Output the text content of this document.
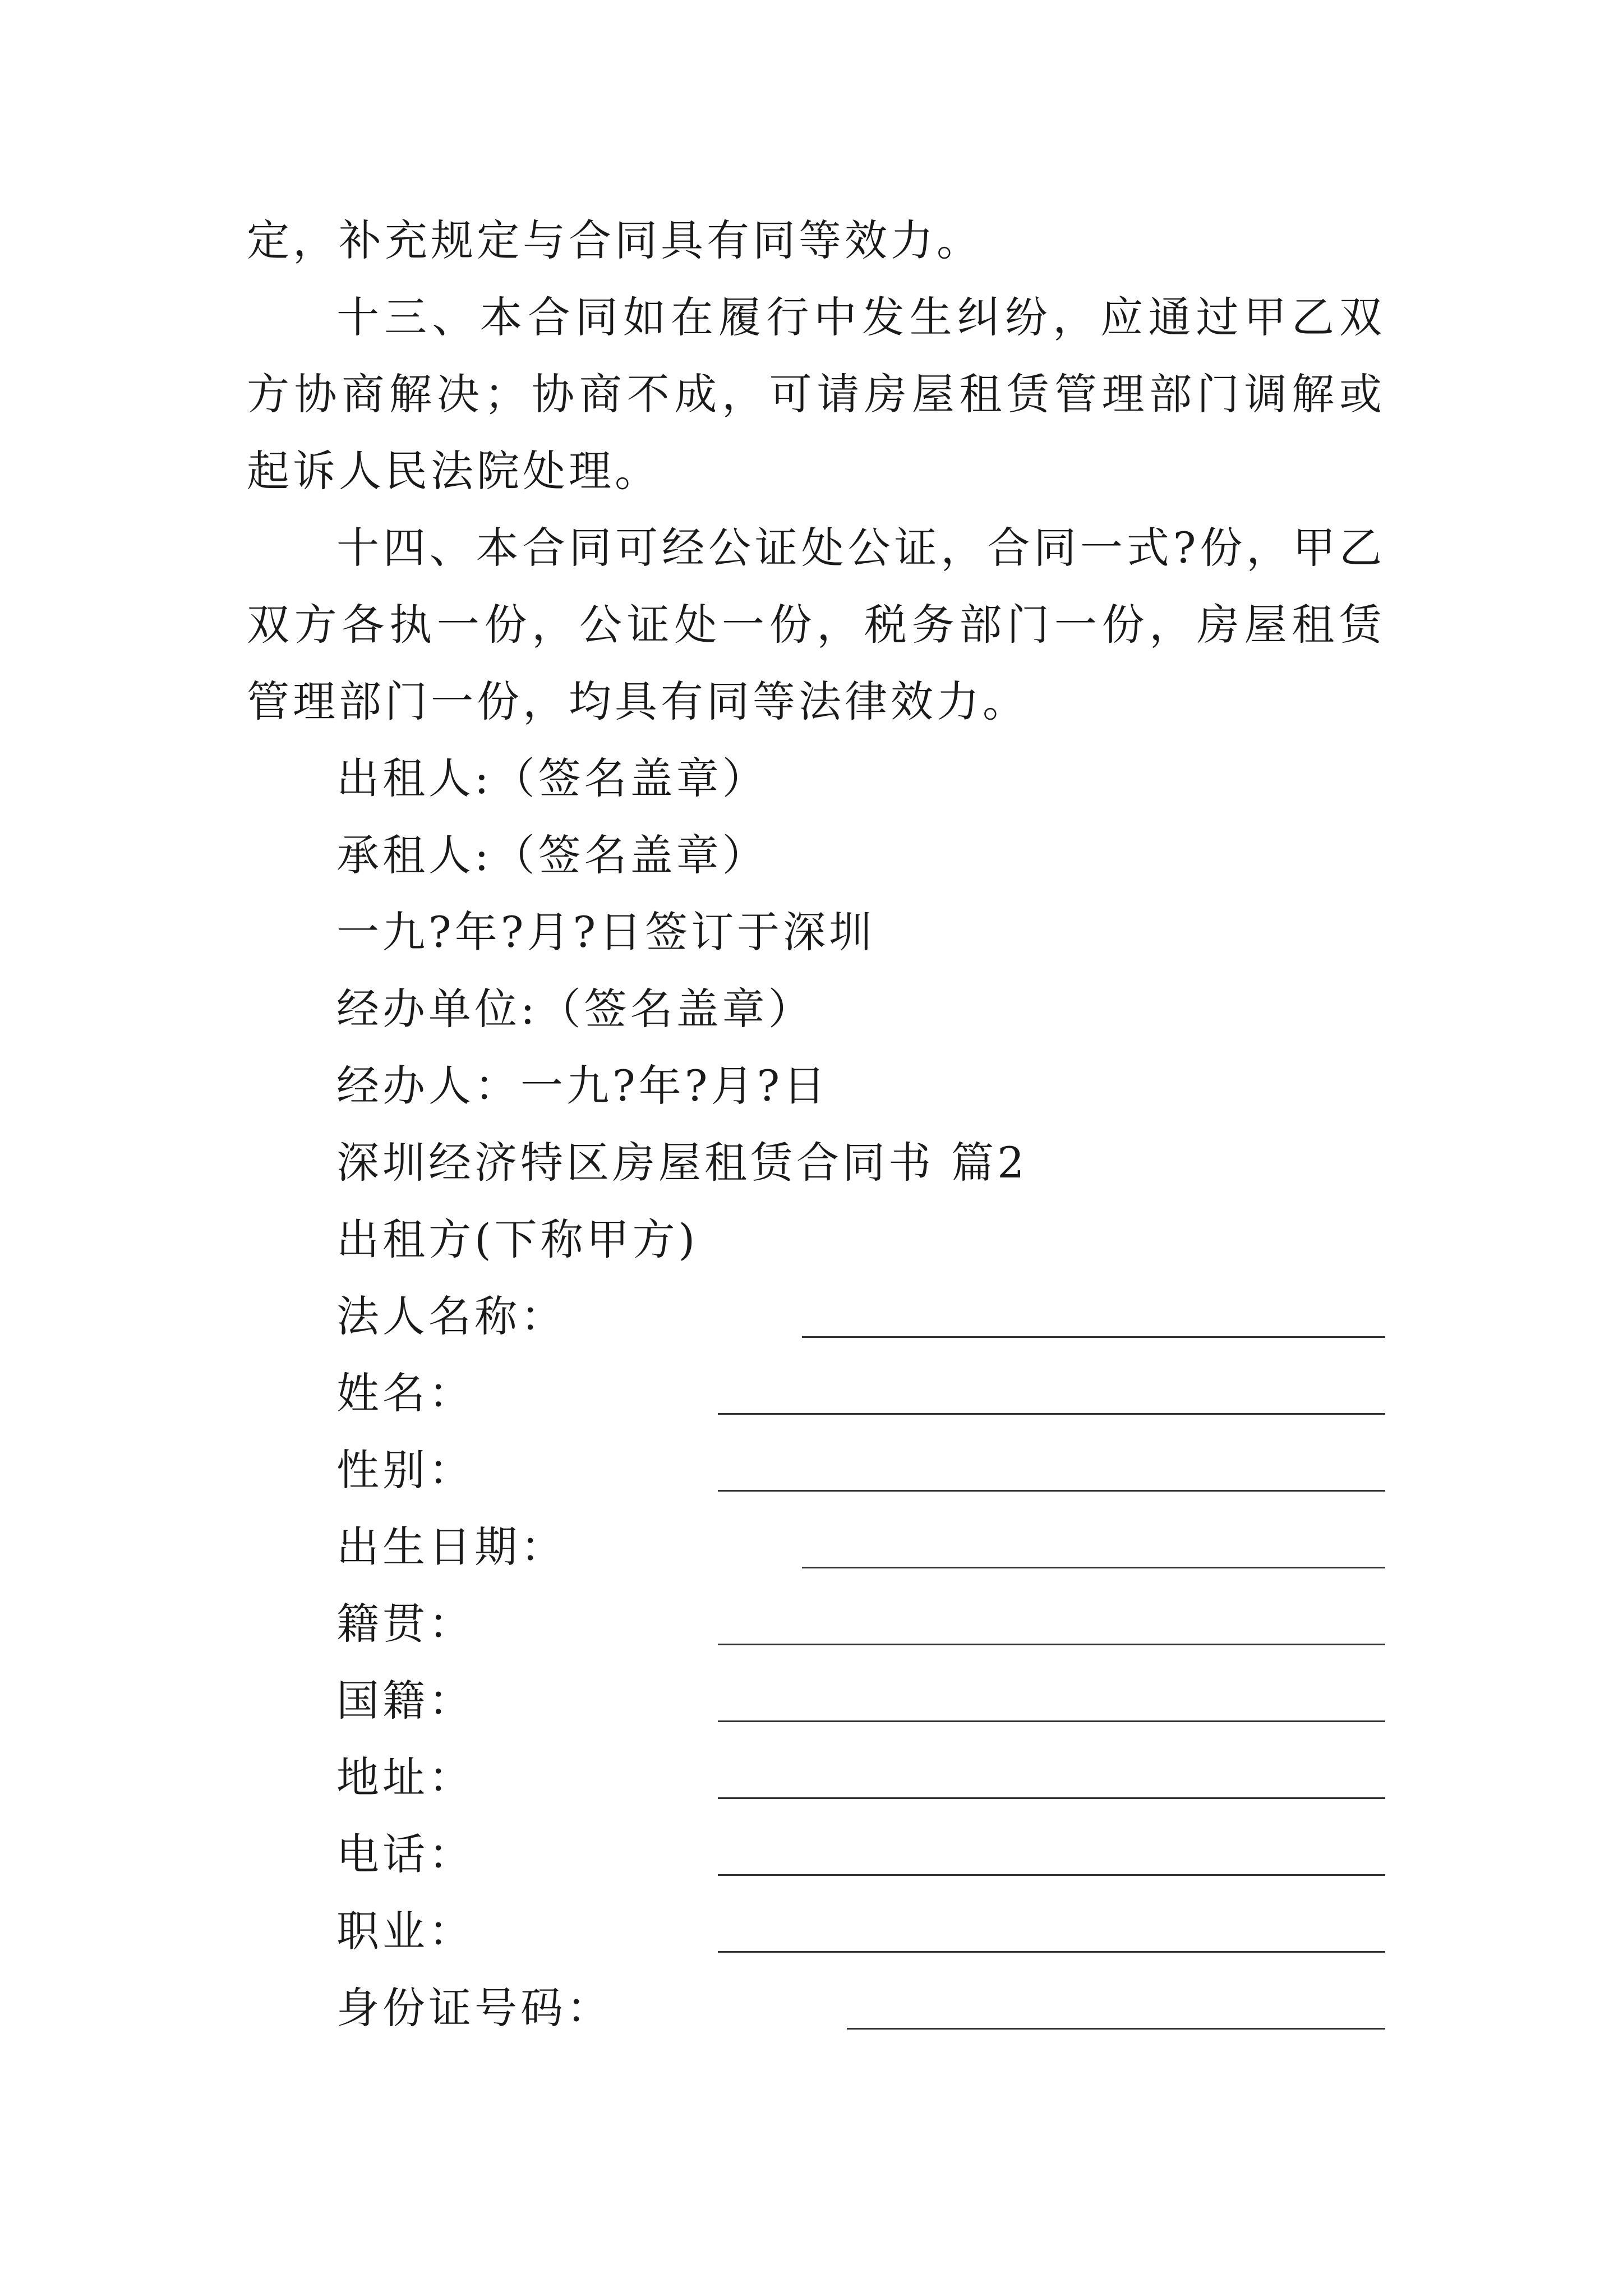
定，补充规定与合同具有同等效力。

十三、本合同如在履行中发生纠纷，应通过甲乙双方协商解决；协商不成，可请房屋租赁管理部门调解或起诉人民法院处理。

十四、本合同可经公证处公证，合同一式?份，甲乙双方各执一份，公证处一份，税务部门一份，房屋租赁管理部门一份，均具有同等法律效力。

出租人:（签名盖章）
承租人:（签名盖章）
一九?年?月?日签订于深圳
经办单位:（签名盖章）
经办人：一九?年?月?日
深圳经济特区房屋租赁合同书 篇2
出租方(下称甲方)
法人名称：
姓名：
性别：
出生日期：
籍贯：
国籍：
地址：
电话：
职业：
身份证号码：
